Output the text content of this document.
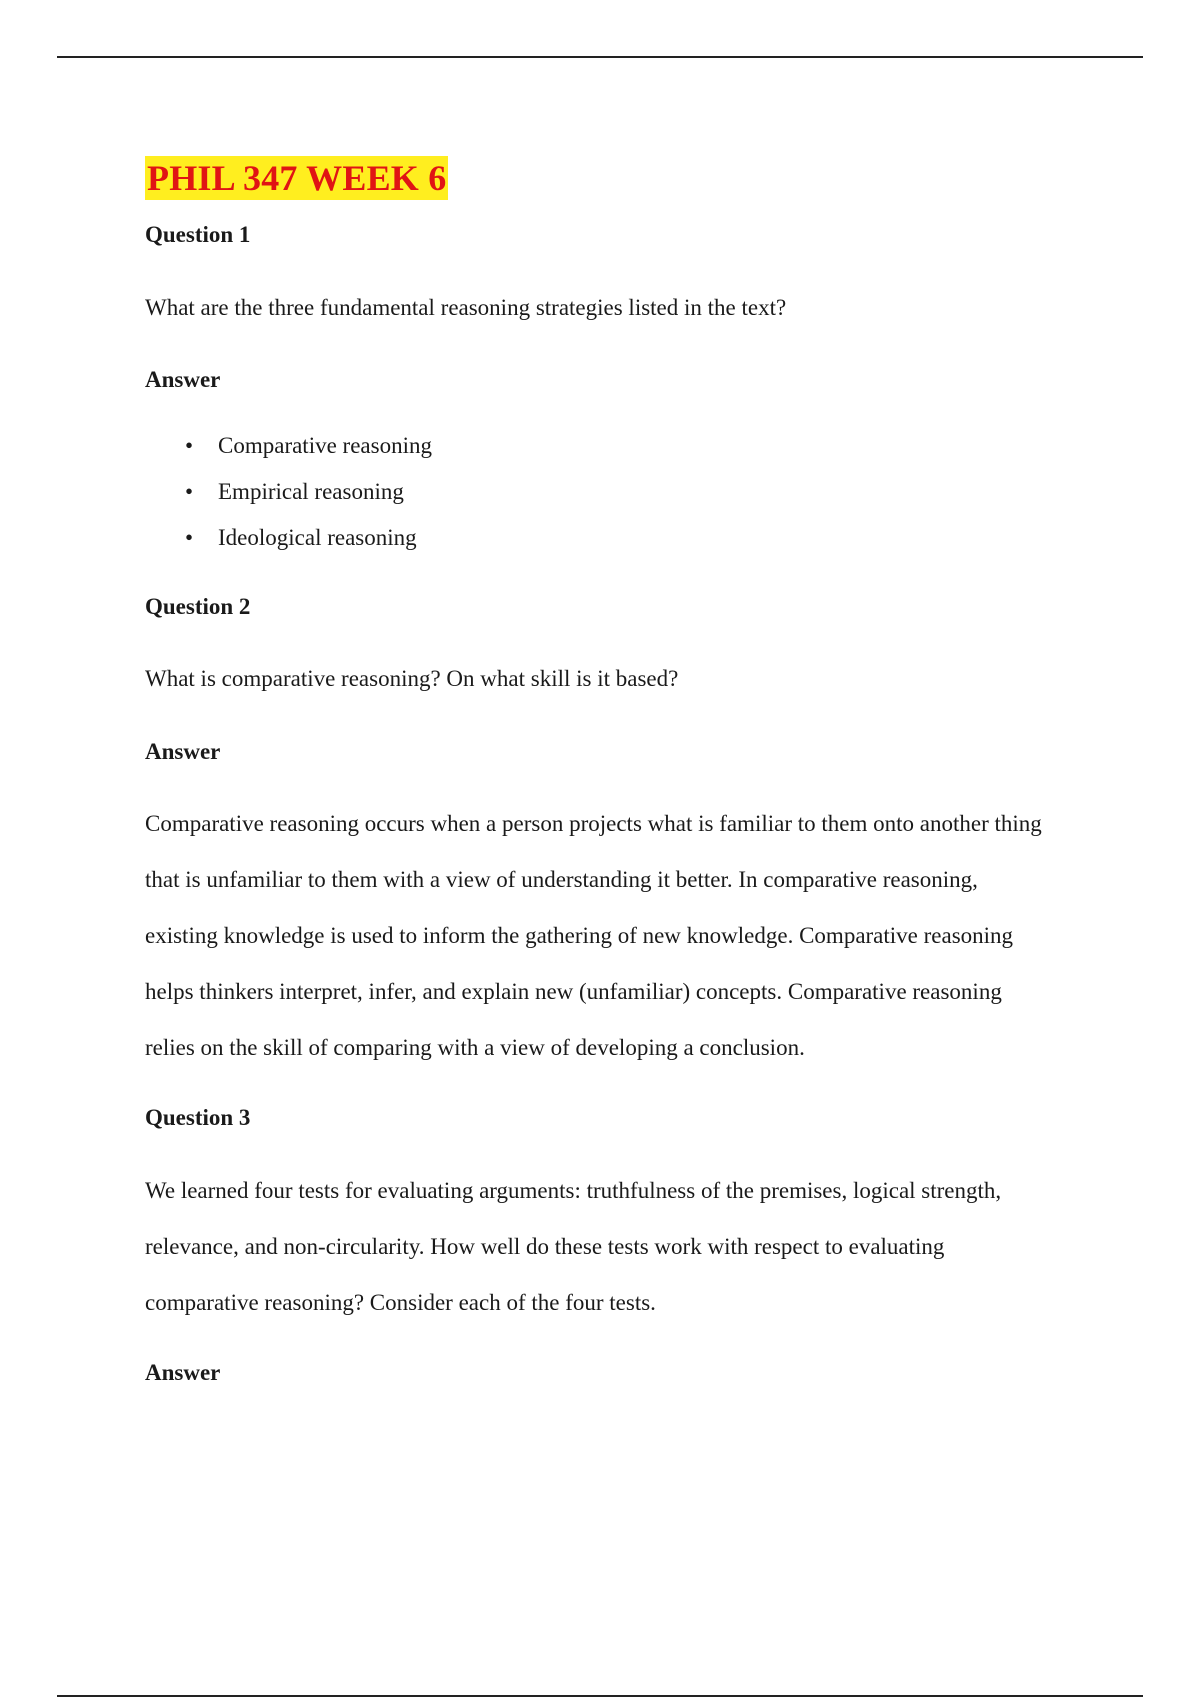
PHIL 347 WEEK 6
Question 1
What are the three fundamental reasoning strategies listed in the text?
Answer
• Comparative reasoning
• Empirical reasoning
• Ideological reasoning
Question 2
What is comparative reasoning? On what skill is it based?
Answer
Comparative reasoning occurs when a person projects what is familiar to them onto another thing
that is unfamiliar to them with a view of understanding it better. In comparative reasoning,
existing knowledge is used to inform the gathering of new knowledge. Comparative reasoning
helps thinkers interpret, infer, and explain new (unfamiliar) concepts. Comparative reasoning
relies on the skill of comparing with a view of developing a conclusion.
Question 3
We learned four tests for evaluating arguments: truthfulness of the premises, logical strength,
relevance, and non-circularity. How well do these tests work with respect to evaluating
comparative reasoning? Consider each of the four tests.
Answer
